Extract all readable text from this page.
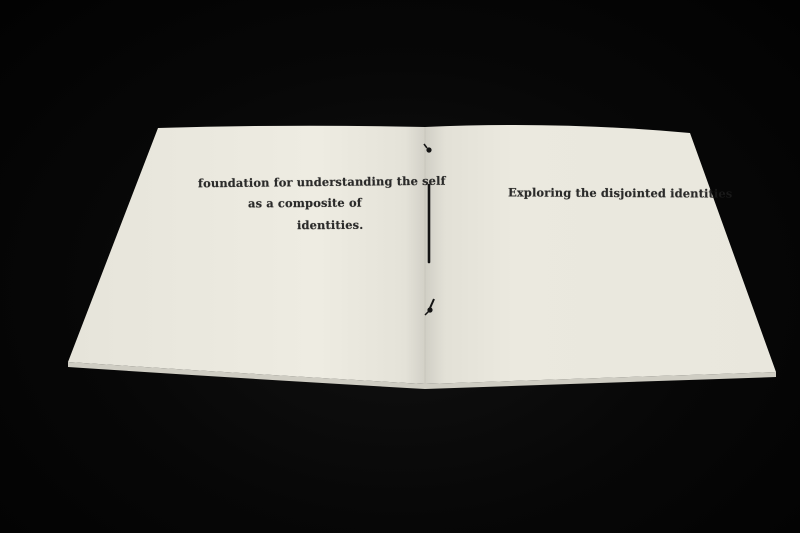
foundation for understanding the self
as a composite of
identities.
Exploring the disjointed identities
